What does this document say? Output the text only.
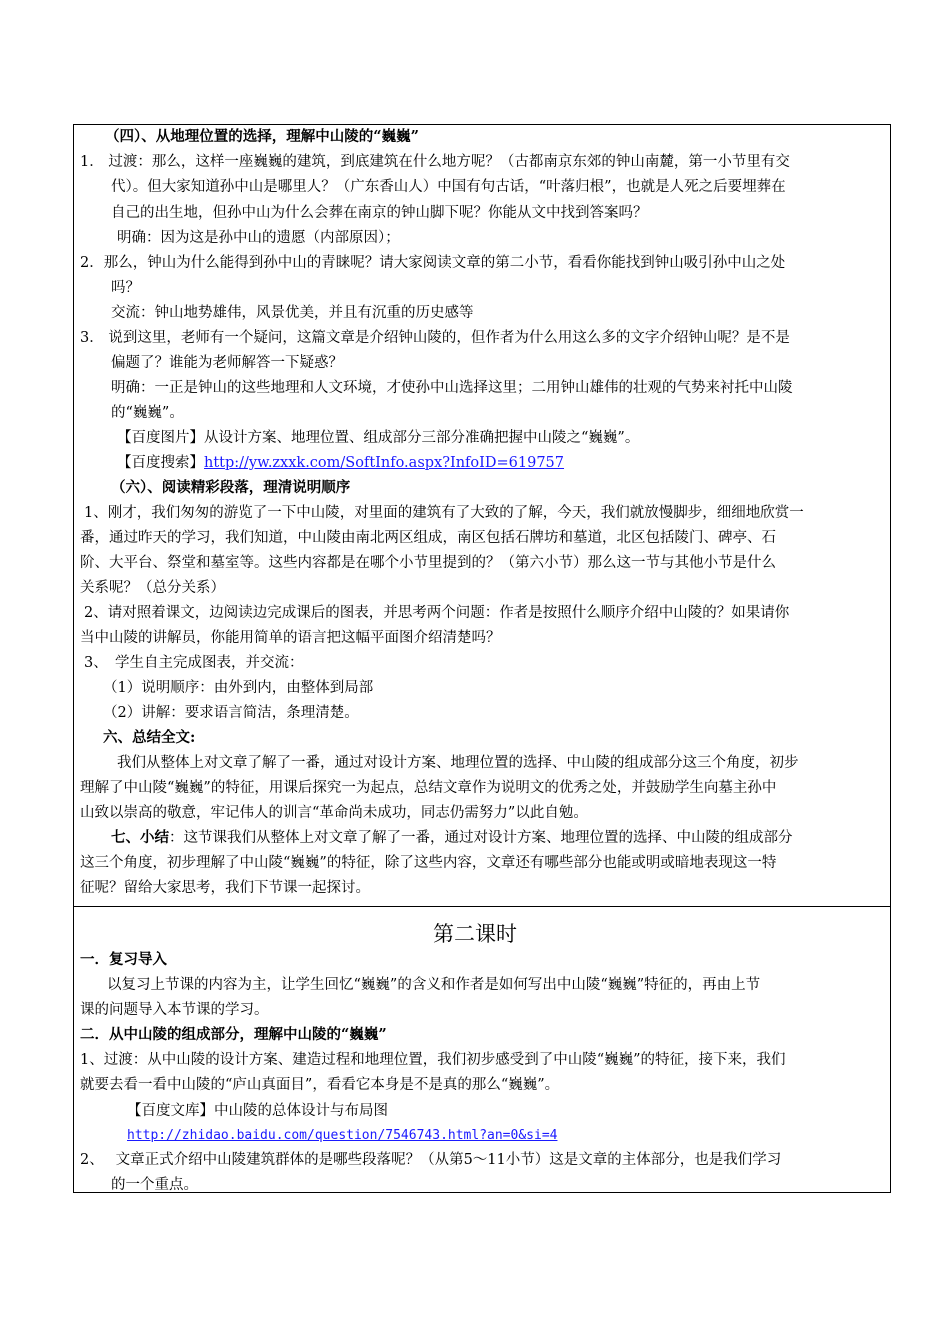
（四）、从地理位置的选择，理解中山陵的“巍巍”
1． 过渡：那么，这样一座巍巍的建筑，到底建筑在什么地方呢？（古都南京东郊的钟山南麓，第一小节里有交
代）。但大家知道孙中山是哪里人？（广东香山人）中国有句古话，“叶落归根”，也就是人死之后要埋葬在
自己的出生地，但孙中山为什么会葬在南京的钟山脚下呢？你能从文中找到答案吗？
明确：因为这是孙中山的遗愿（内部原因）；
2．那么，钟山为什么能得到孙中山的青睐呢？请大家阅读文章的第二小节，看看你能找到钟山吸引孙中山之处
吗？
交流：钟山地势雄伟，风景优美，并且有沉重的历史感等
3． 说到这里，老师有一个疑问，这篇文章是介绍钟山陵的，但作者为什么用这么多的文字介绍钟山呢？是不是
偏题了？谁能为老师解答一下疑惑？
明确：一正是钟山的这些地理和人文环境，才使孙中山选择这里；二用钟山雄伟的壮观的气势来衬托中山陵
的“巍巍”。
【百度图片】从设计方案、地理位置、组成部分三部分准确把握中山陵之“巍巍”。
【百度搜索】http://yw.zxxk.com/SoftInfo.aspx?InfoID=619757
（六）、阅读精彩段落，理清说明顺序
1、刚才，我们匆匆的游览了一下中山陵，对里面的建筑有了大致的了解，今天，我们就放慢脚步，细细地欣赏一
番，通过昨天的学习，我们知道，中山陵由南北两区组成，南区包括石牌坊和墓道，北区包括陵门、碑亭、石
阶、大平台、祭堂和墓室等。这些内容都是在哪个小节里提到的？（第六小节）那么这一节与其他小节是什么
关系呢？（总分关系）
2、请对照着课文，边阅读边完成课后的图表，并思考两个问题：作者是按照什么顺序介绍中山陵的？如果请你
当中山陵的讲解员，你能用简单的语言把这幅平面图介绍清楚吗？
3、　学生自主完成图表，并交流：
（1）说明顺序：由外到内，由整体到局部
（2）讲解：要求语言简洁，条理清楚。
六、总结全文:
我们从整体上对文章了解了一番，通过对设计方案、地理位置的选择、中山陵的组成部分这三个角度，初步
理解了中山陵“巍巍”的特征，用课后探究一为起点，总结文章作为说明文的优秀之处，并鼓励学生向墓主孙中
山致以崇高的敬意，牢记伟人的训言“革命尚未成功，同志仍需努力”以此自勉。
七、小结：这节课我们从整体上对文章了解了一番，通过对设计方案、地理位置的选择、中山陵的组成部分
这三个角度，初步理解了中山陵“巍巍”的特征，除了这些内容，文章还有哪些部分也能或明或暗地表现这一特
征呢？留给大家思考，我们下节课一起探讨。
第二课时
一．复习导入
以复习上节课的内容为主，让学生回忆“巍巍”的含义和作者是如何写出中山陵“巍巍”特征的，再由上节
课的问题导入本节课的学习。
二．从中山陵的组成部分，理解中山陵的“巍巍”
1、过渡：从中山陵的设计方案、建造过程和地理位置，我们初步感受到了中山陵“巍巍”的特征，接下来，我们
就要去看一看中山陵的“庐山真面目”，看看它本身是不是真的那么“巍巍”。
【百度文库】中山陵的总体设计与布局图
http://zhidao.baidu.com/question/7546743.html?an=0&si=4
2、　 文章正式介绍中山陵建筑群体的是哪些段落呢？（从第5～11小节）这是文章的主体部分，也是我们学习
的一个重点。
